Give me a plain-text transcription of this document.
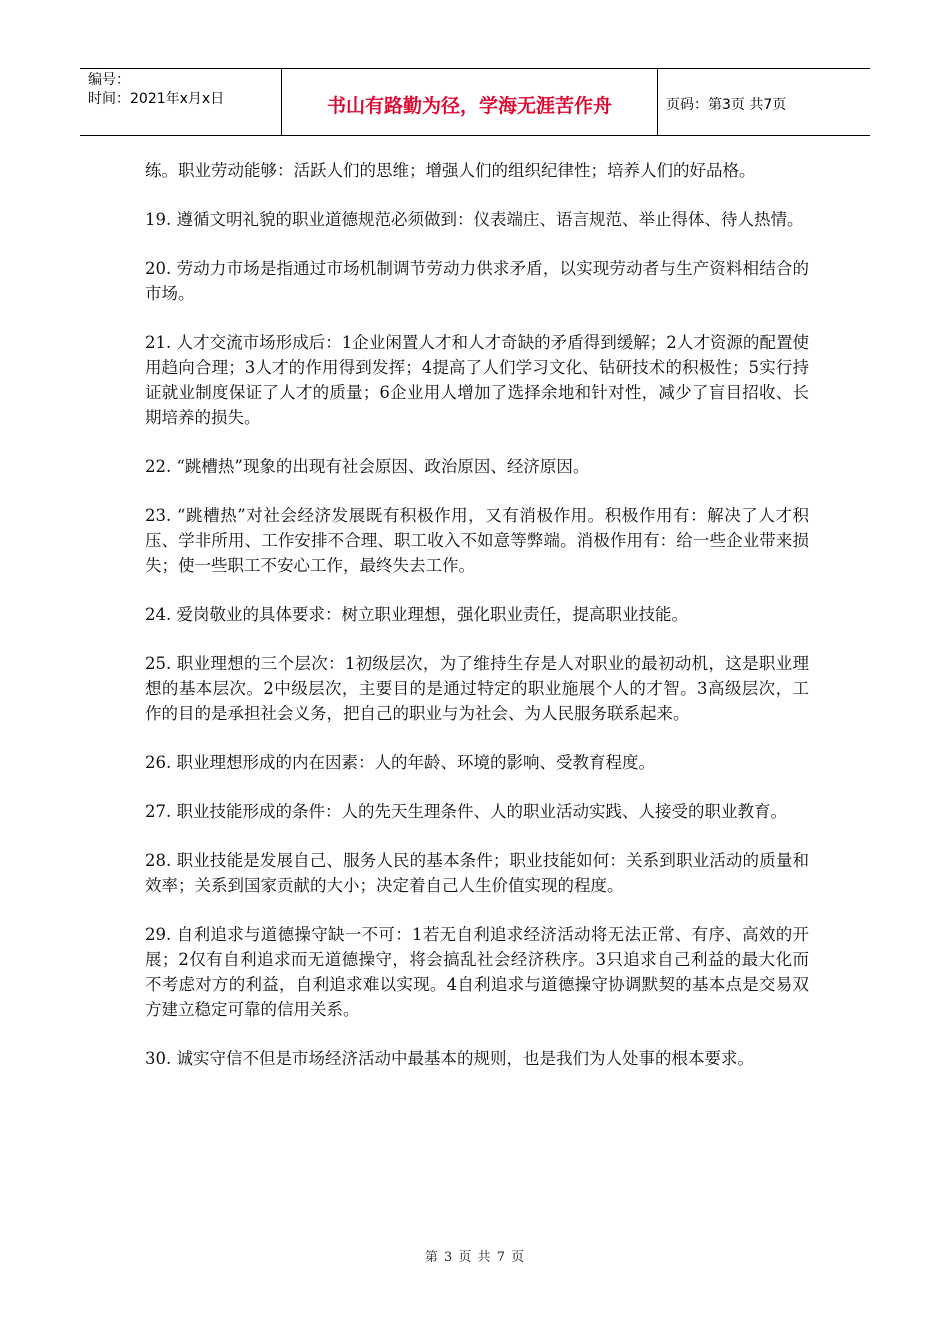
编号：
时间：2021年x月x日	书山有路勤为径，学海无涯苦作舟	页码：第3页 共7页

练。职业劳动能够：活跃人们的思维；增强人们的组织纪律性；培养人们的好品格。

19. 遵循文明礼貌的职业道德规范必须做到：仪表端庄、语言规范、举止得体、待人热情。

20. 劳动力市场是指通过市场机制调节劳动力供求矛盾，以实现劳动者与生产资料相结合的市场。

21. 人才交流市场形成后：1企业闲置人才和人才奇缺的矛盾得到缓解；2人才资源的配置使用趋向合理；3人才的作用得到发挥；4提高了人们学习文化、钻研技术的积极性；5实行持证就业制度保证了人才的质量；6企业用人增加了选择余地和针对性，减少了盲目招收、长期培养的损失。

22. “跳槽热”现象的出现有社会原因、政治原因、经济原因。

23. “跳槽热”对社会经济发展既有积极作用，又有消极作用。积极作用有：解决了人才积压、学非所用、工作安排不合理、职工收入不如意等弊端。消极作用有：给一些企业带来损失；使一些职工不安心工作，最终失去工作。

24. 爱岗敬业的具体要求：树立职业理想，强化职业责任，提高职业技能。

25. 职业理想的三个层次：1初级层次，为了维持生存是人对职业的最初动机，这是职业理想的基本层次。2中级层次，主要目的是通过特定的职业施展个人的才智。3高级层次，工作的目的是承担社会义务，把自己的职业与为社会、为人民服务联系起来。

26. 职业理想形成的内在因素：人的年龄、环境的影响、受教育程度。

27. 职业技能形成的条件：人的先天生理条件、人的职业活动实践、人接受的职业教育。

28. 职业技能是发展自己、服务人民的基本条件；职业技能如何：关系到职业活动的质量和效率；关系到国家贡献的大小；决定着自己人生价值实现的程度。

29. 自利追求与道德操守缺一不可：1若无自利追求经济活动将无法正常、有序、高效的开展；2仅有自利追求而无道德操守，将会搞乱社会经济秩序。3只追求自己利益的最大化而不考虑对方的利益，自利追求难以实现。4自利追求与道德操守协调默契的基本点是交易双方建立稳定可靠的信用关系。

30. 诚实守信不但是市场经济活动中最基本的规则，也是我们为人处事的根本要求。

第 3 页 共 7 页
